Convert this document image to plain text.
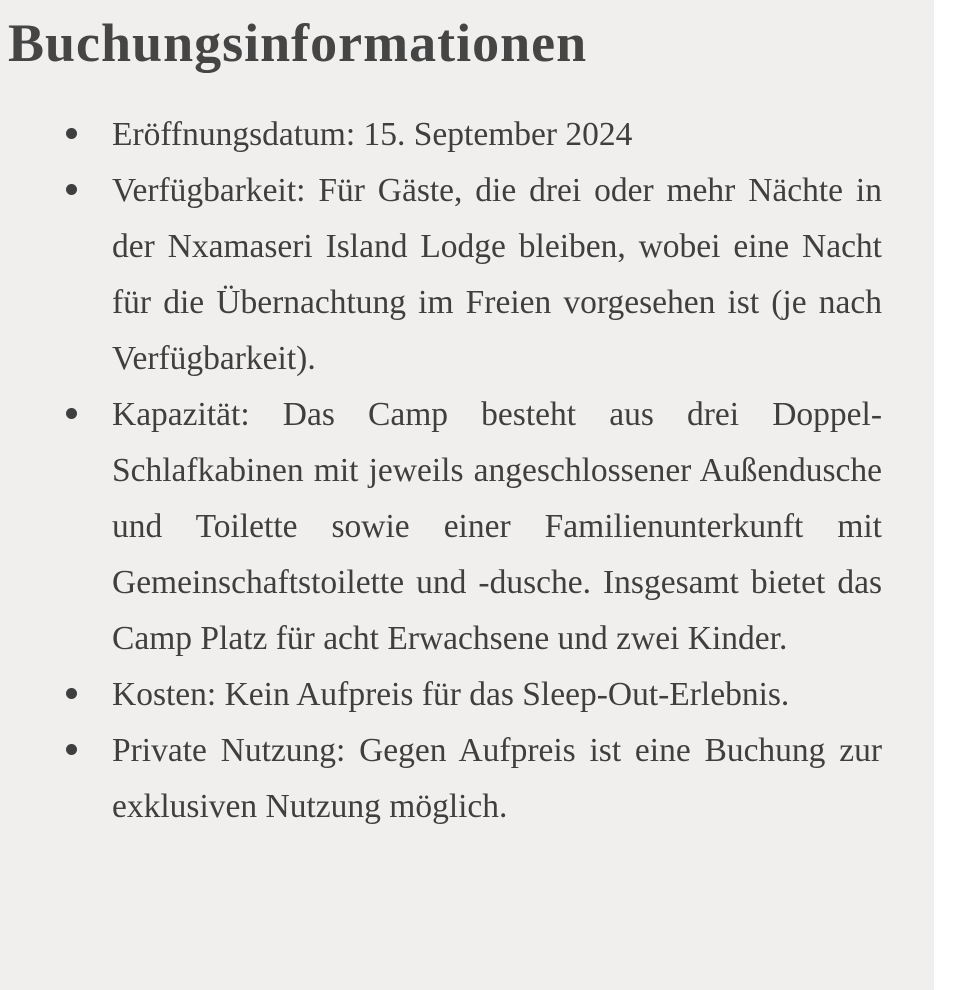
Buchungsinformationen
Eröffnungsdatum: 15. September 2024
Verfügbarkeit: Für Gäste, die drei oder mehr Nächte in der Nxamaseri Island Lodge bleiben, wobei eine Nacht für die Übernachtung im Freien vorgesehen ist (je nach Verfügbarkeit).
Kapazität: Das Camp besteht aus drei Doppel-Schlafkabinen mit jeweils angeschlossener Außendusche und Toilette sowie einer Familienunterkunft mit Gemeinschaftstoilette und -dusche. Insgesamt bietet das Camp Platz für acht Erwachsene und zwei Kinder.
Kosten: Kein Aufpreis für das Sleep-Out-Erlebnis.
Private Nutzung: Gegen Aufpreis ist eine Buchung zur exklusiven Nutzung möglich.
